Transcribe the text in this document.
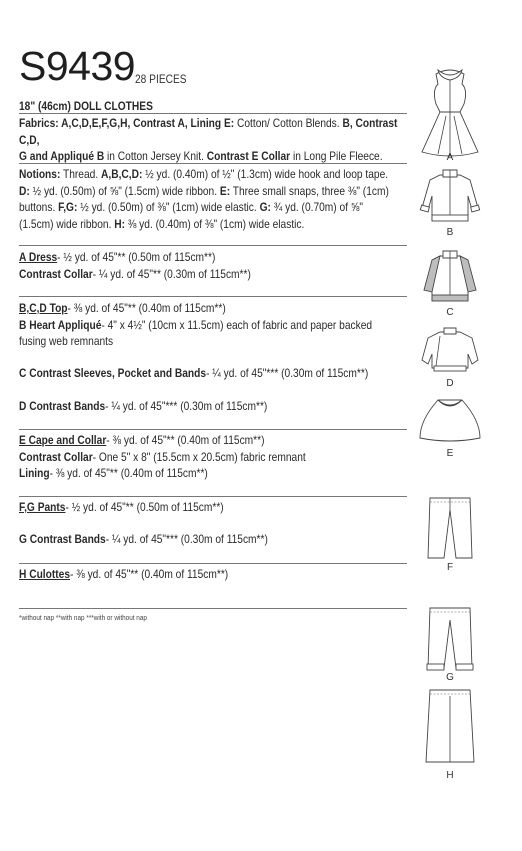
S9439 28 PIECES
18" (46cm) DOLL CLOTHES
Fabrics: A,C,D,E,F,G,H, Contrast A, Lining E: Cotton/ Cotton Blends. B, Contrast C,D,
G and Appliqué B in Cotton Jersey Knit. Contrast E Collar in Long Pile Fleece.
Notions: Thread. A,B,C,D: ½ yd. (0.40m) of ½" (1.3cm) wide hook and loop tape.
D: ½ yd. (0.50m) of ⅝" (1.5cm) wide ribbon. E: Three small snaps, three ⅜" (1cm)
buttons. F,G: ½ yd. (0.50m) of ⅜" (1cm) wide elastic. G: ¾ yd. (0.70m) of ⅝"
(1.5cm) wide ribbon. H: ⅜ yd. (0.40m) of ⅜" (1cm) wide elastic.
A Dress- ½ yd. of 45"** (0.50m of 115cm**)
Contrast Collar- ¼ yd. of 45"** (0.30m of 115cm**)
B,C,D Top- ⅜ yd. of 45"** (0.40m of 115cm**)
B Heart Appliqué- 4" x 4½" (10cm x 11.5cm) each of fabric and paper backed
fusing web remnants
C Contrast Sleeves, Pocket and Bands- ¼ yd. of 45"*** (0.30m of 115cm**)
D Contrast Bands- ¼ yd. of 45"*** (0.30m of 115cm**)
E Cape and Collar- ⅜ yd. of 45"** (0.40m of 115cm**)
Contrast Collar- One 5" x 8" (15.5cm x 20.5cm) fabric remnant
Lining- ⅜ yd. of 45"** (0.40m of 115cm**)
F,G Pants- ½ yd. of 45"** (0.50m of 115cm**)
G Contrast Bands- ¼ yd. of 45"*** (0.30m of 115cm**)
H Culottes- ⅜ yd. of 45"** (0.40m of 115cm**)
*without nap **with nap ***with or without nap
A
B
C
D
E
F
G
H
